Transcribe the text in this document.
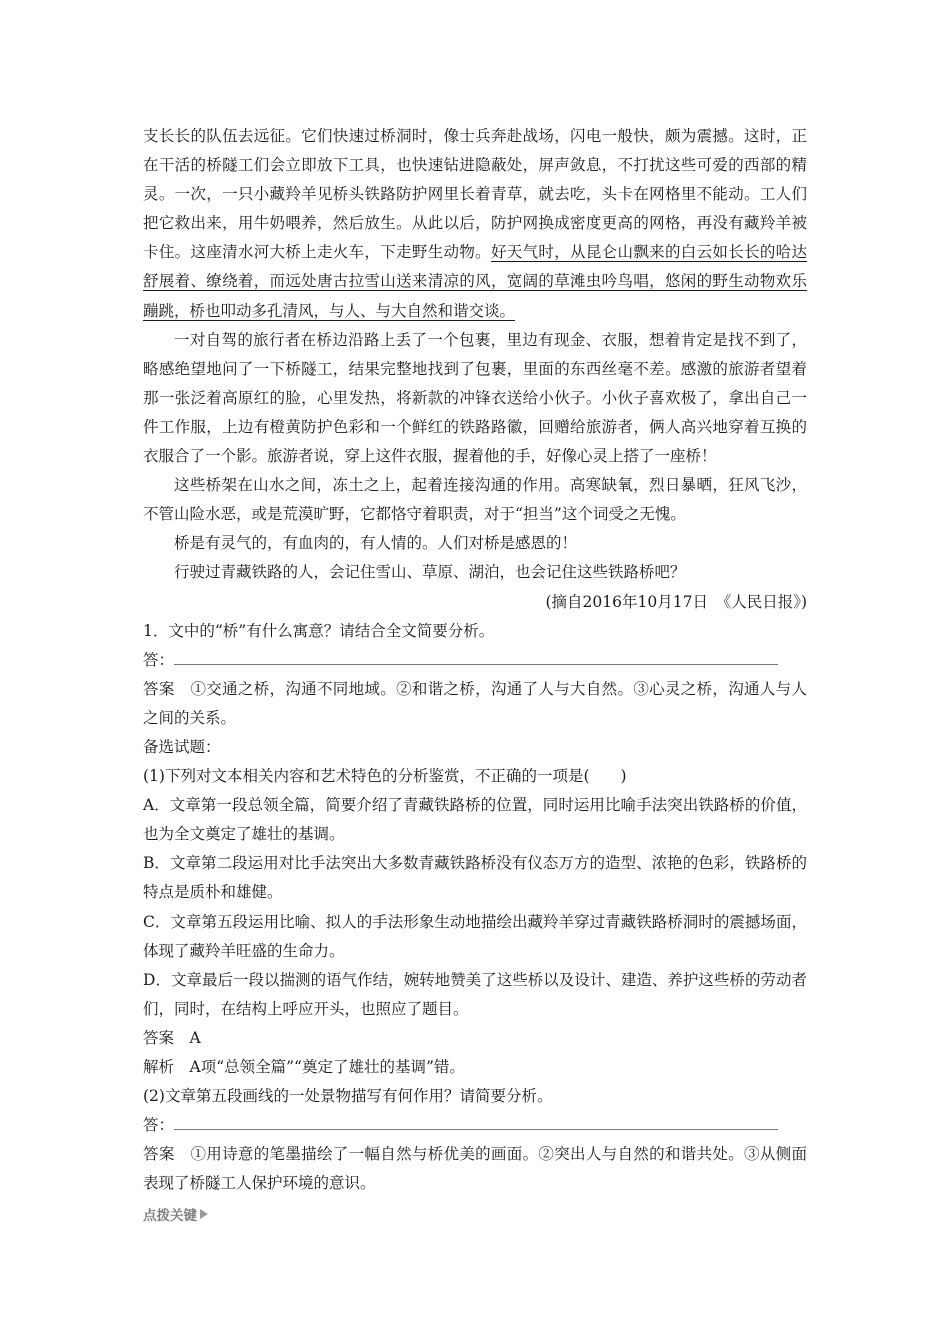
支长长的队伍去远征。它们快速过桥洞时，像士兵奔赴战场，闪电一般快，颇为震撼。这时，正在干活的桥隧工们会立即放下工具，也快速钻进隐蔽处，屏声敛息，不打扰这些可爱的西部的精灵。一次，一只小藏羚羊见桥头铁路防护网里长着青草，就去吃，头卡在网格里不能动。工人们把它救出来，用牛奶喂养，然后放生。从此以后，防护网换成密度更高的网格，再没有藏羚羊被卡住。这座清水河大桥上走火车，下走野生动物。好天气时，从昆仑山飘来的白云如长长的哈达舒展着、缭绕着，而远处唐古拉雪山送来清凉的风，宽阔的草滩虫吟鸟唱，悠闲的野生动物欢乐蹦跳，桥也叩动多孔清风，与人、与大自然和谐交谈。

一对自驾的旅行者在桥边沿路上丢了一个包裹，里边有现金、衣服，想着肯定是找不到了，略感绝望地问了一下桥隧工，结果完整地找到了包裹，里面的东西丝毫不差。感激的旅游者望着那一张泛着高原红的脸，心里发热，将新款的冲锋衣送给小伙子。小伙子喜欢极了，拿出自己一件工作服，上边有橙黄防护色彩和一个鲜红的铁路路徽，回赠给旅游者，俩人高兴地穿着互换的衣服合了一个影。旅游者说，穿上这件衣服，握着他的手，好像心灵上搭了一座桥！

这些桥架在山水之间，冻土之上，起着连接沟通的作用。高寒缺氧，烈日暴晒，狂风飞沙，不管山险水恶，或是荒漠旷野，它都恪守着职责，对于“担当”这个词受之无愧。

桥是有灵气的，有血肉的，有人情的。人们对桥是感恩的！

行驶过青藏铁路的人，会记住雪山、草原、湖泊，也会记住这些铁路桥吧？

(摘自2016年10月17日　《人民日报》)

1．文中的“桥”有什么寓意？请结合全文简要分析。

答：

答案　①交通之桥，沟通不同地域。②和谐之桥，沟通了人与大自然。③心灵之桥，沟通人与人之间的关系。

备选试题：

(1)下列对文本相关内容和艺术特色的分析鉴赏，不正确的一项是(　　)

A．文章第一段总领全篇，简要介绍了青藏铁路桥的位置，同时运用比喻手法突出铁路桥的价值，也为全文奠定了雄壮的基调。

B．文章第二段运用对比手法突出大多数青藏铁路桥没有仪态万方的造型、浓艳的色彩，铁路桥的特点是质朴和雄健。

C．文章第五段运用比喻、拟人的手法形象生动地描绘出藏羚羊穿过青藏铁路桥洞时的震撼场面，体现了藏羚羊旺盛的生命力。

D．文章最后一段以揣测的语气作结，婉转地赞美了这些桥以及设计、建造、养护这些桥的劳动者们，同时，在结构上呼应开头，也照应了题目。

答案　A

解析　A项“总领全篇”“奠定了雄壮的基调”错。

(2)文章第五段画线的一处景物描写有何作用？请简要分析。

答：

答案　①用诗意的笔墨描绘了一幅自然与桥优美的画面。②突出人与自然的和谐共处。③从侧面表现了桥隧工人保护环境的意识。

点拨关键
